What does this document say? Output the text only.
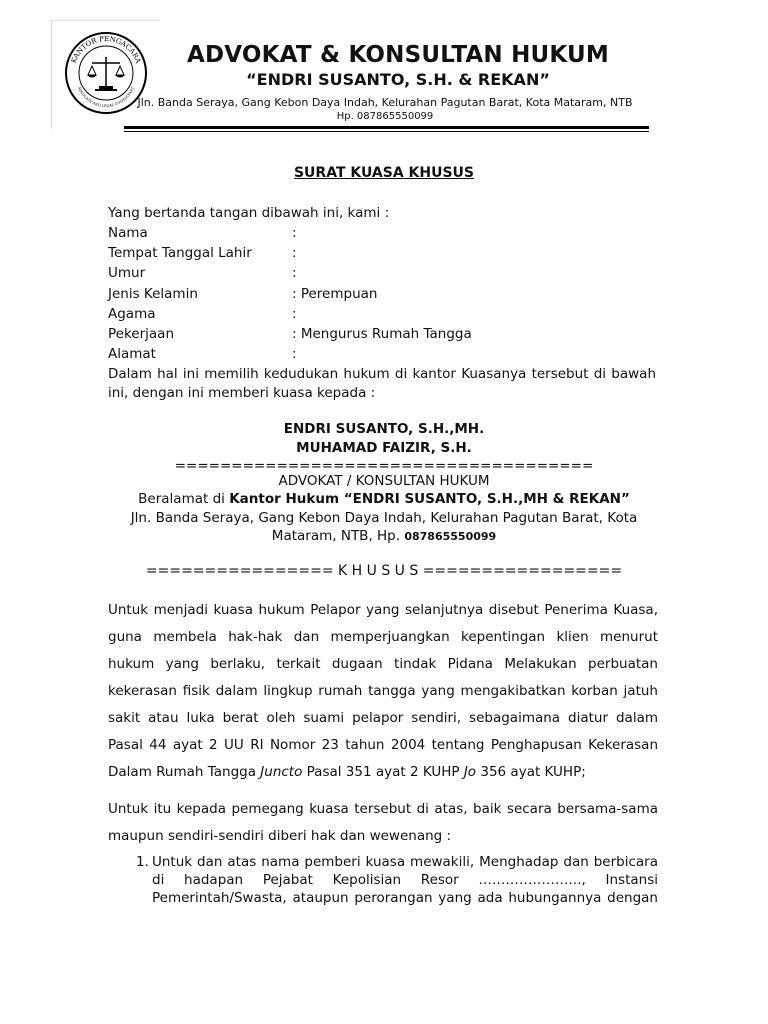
KANTOR PENGACARA
ADVOCATE AND LEGAL CONSULTANT
ADVOKAT & KONSULTAN HUKUM
“ENDRI SUSANTO, S.H. & REKAN”
Jln. Banda Seraya, Gang Kebon Daya Indah, Kelurahan Pagutan Barat, Kota Mataram, NTB
Hp. 087865550099
SURAT KUASA KHUSUS
Yang bertanda tangan dibawah ini, kami :
Nama	:
Tempat Tanggal Lahir	:
Umur	:
Jenis Kelamin	: Perempuan
Agama	:
Pekerjaan	: Mengurus Rumah Tangga
Alamat	:
Dalam hal ini memilih kedudukan hukum di kantor Kuasanya tersebut di bawah
ini, dengan ini memberi kuasa kepada :
ENDRI SUSANTO, S.H.,MH.
MUHAMAD FAIZIR, S.H.
=====================================
ADVOKAT / KONSULTAN HUKUM
Beralamat di Kantor Hukum “ENDRI SUSANTO, S.H.,MH & REKAN”
Jln. Banda Seraya, Gang Kebon Daya Indah, Kelurahan Pagutan Barat, Kota
Mataram, NTB, Hp. 087865550099
================ K H U S U S =================
Untuk menjadi kuasa hukum Pelapor yang selanjutnya disebut Penerima Kuasa,
guna membela hak-hak dan memperjuangkan kepentingan klien menurut
hukum yang berlaku, terkait dugaan tindak Pidana Melakukan perbuatan
kekerasan fisik dalam lingkup rumah tangga yang mengakibatkan korban jatuh
sakit atau luka berat oleh suami pelapor sendiri, sebagaimana diatur dalam
Pasal 44 ayat 2 UU RI Nomor 23 tahun 2004 tentang Penghapusan Kekerasan
Dalam Rumah Tangga Juncto Pasal 351 ayat 2 KUHP Jo 356 ayat KUHP;
Untuk itu kepada pemegang kuasa tersebut di atas, baik secara bersama-sama
maupun sendiri-sendiri diberi hak dan wewenang :
1. Untuk dan atas nama pemberi kuasa mewakili, Menghadap dan berbicara
di hadapan Pejabat Kepolisian Resor ………………….., Instansi
Pemerintah/Swasta, ataupun perorangan yang ada hubungannya dengan
